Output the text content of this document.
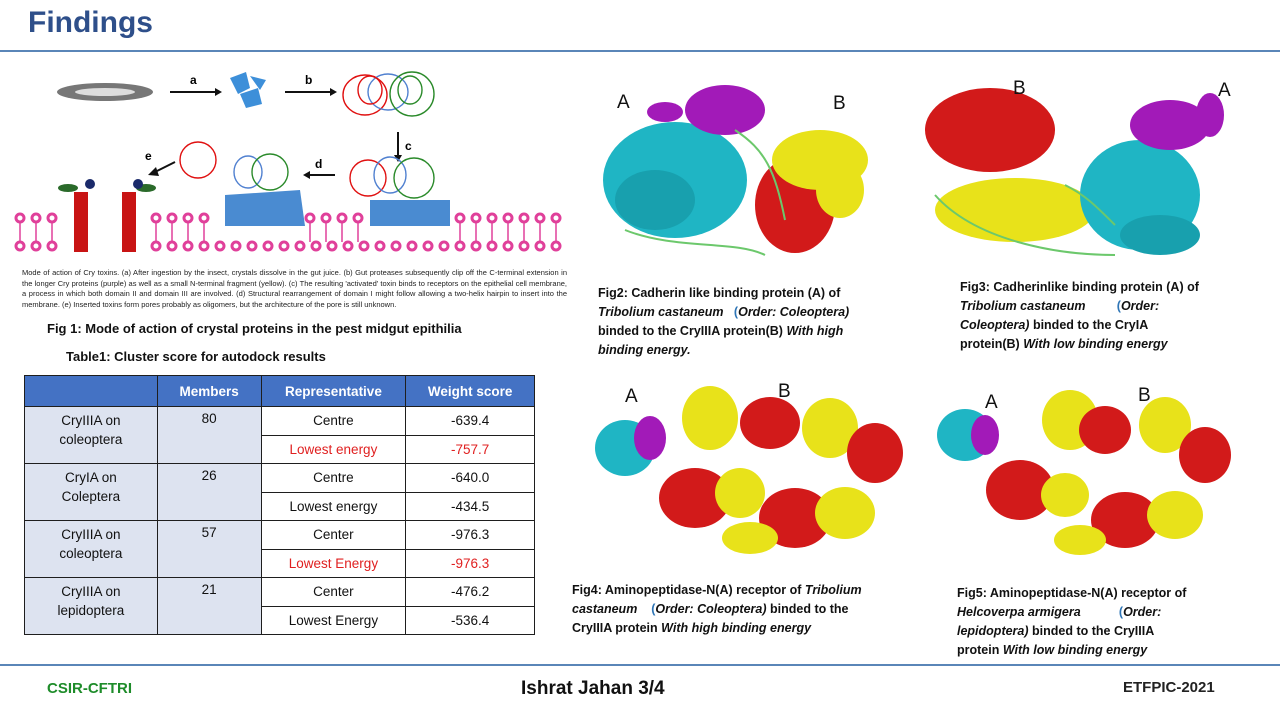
Findings
a	b
c
d
e
Mode of action of Cry toxins. (a) After ingestion by the insect, crystals dissolve in the gut juice. (b) Gut proteases subsequently clip off the C-terminal extension in the longer Cry proteins (purple) as well as a small N-terminal fragment (yellow). (c) The resulting 'activated' toxin binds to receptors on the epithelial cell membrane, a process in which both domain II and domain III are involved. (d) Structural rearrangement of domain I might follow allowing a two-helix hairpin to insert into the membrane. (e) Inserted toxins form pores probably as oligomers, but the architecture of the pore is still unknown.
Fig 1: Mode of action of crystal proteins in the pest midgut epithilia
Table1: Cluster score for autodock results
	Members	Representative	Weight score
CryIIIA on
coleoptera	80	Centre	-639.4
		Lowest energy	-757.7
CryIA on
Coleptera	26	Centre	-640.0
		Lowest energy	-434.5
CryIIIA on
coleoptera	57	Center	-976.3
		Lowest Energy	-976.3
CryIIIA on
lepidoptera	21	Center	-476.2
		Lowest Energy	-536.4
A	B
Fig2: Cadherin like binding protein (A) of
Tribolium castaneum (Order: Coleoptera)
binded to the CryIIIA protein(B) With high
binding energy.
B	A
Fig3: Cadherinlike binding protein (A) of
Tribolium castaneum	(Order:
Coleoptera) binded to the CryIA
protein(B) With low binding energy
A	B
Fig4: Aminopeptidase-N(A) receptor of Tribolium
castaneum (Order: Coleoptera) binded to the
CryIIIA protein With high binding energy
A	B
Fig5: Aminopeptidase-N(A) receptor of
Helcoverpa armigera	(Order:
lepidoptera) binded to the CryIIIA
protein With low binding energy
CSIR-CFTRI	Ishrat Jahan 3/4	ETFPIC-2021
